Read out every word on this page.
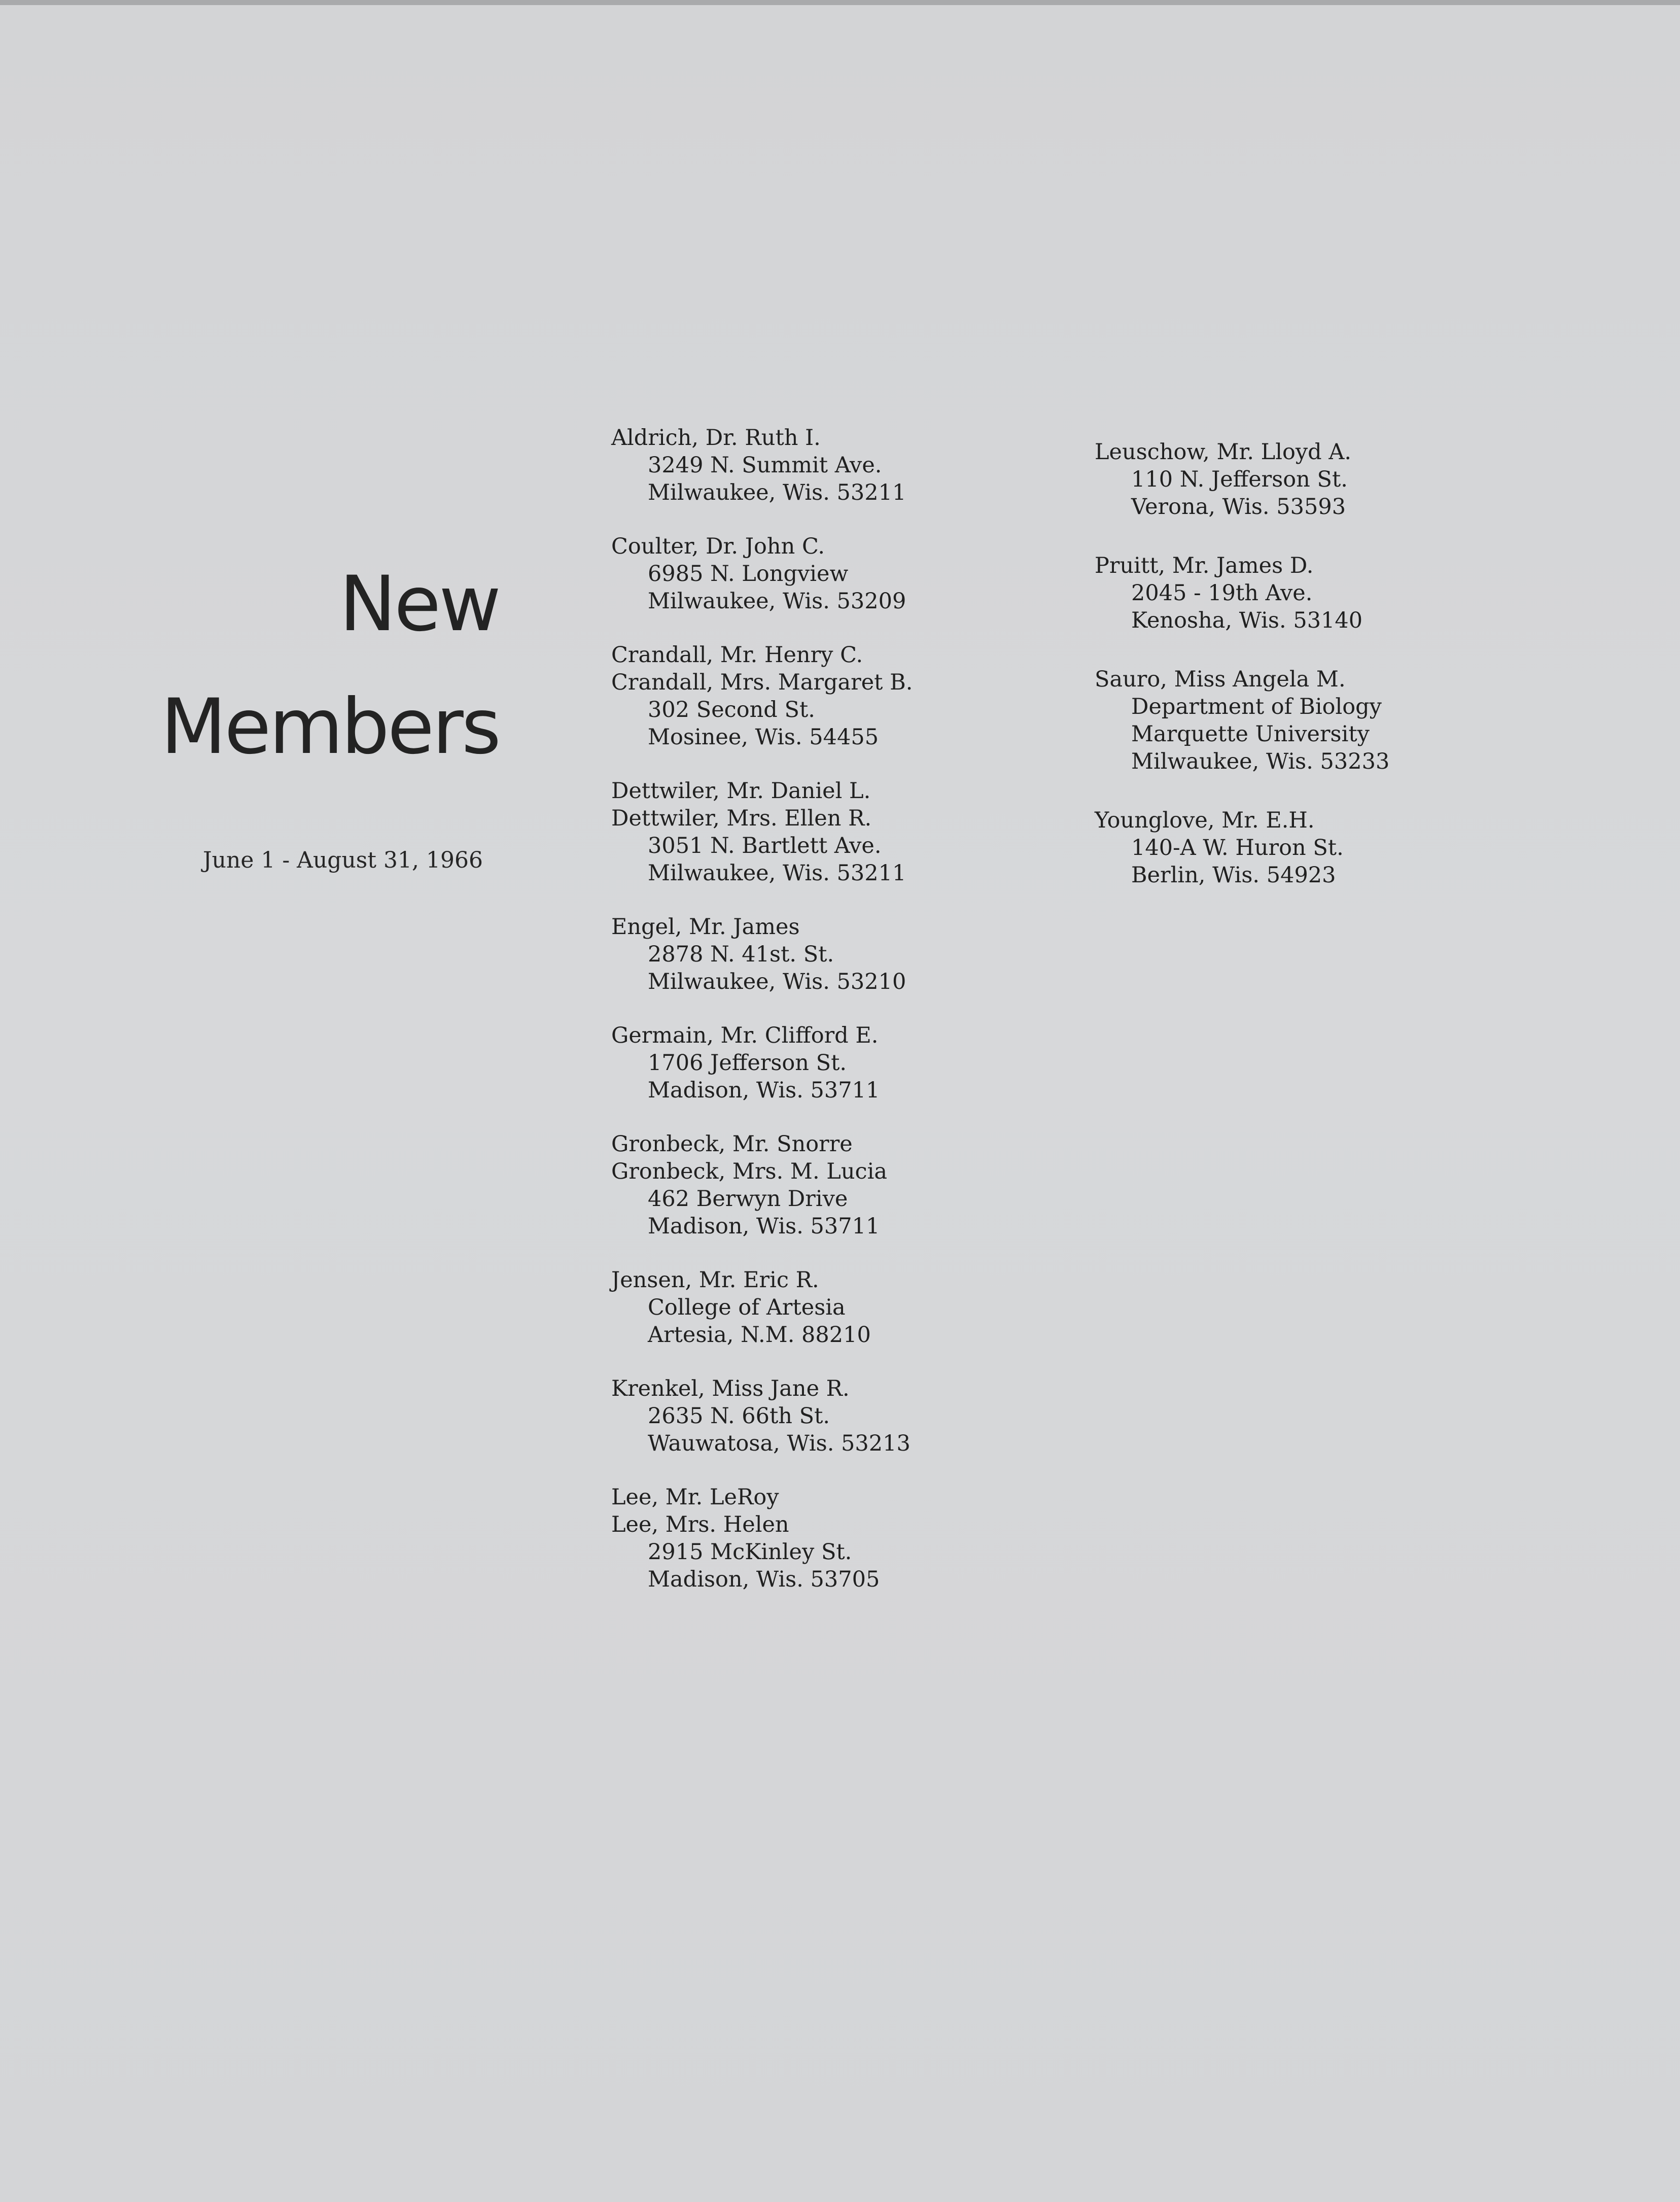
New
Members
June 1 - August 31, 1966
Aldrich, Dr. Ruth I.
3249 N. Summit Ave.
Milwaukee, Wis. 53211
Coulter, Dr. John C.
6985 N. Longview
Milwaukee, Wis. 53209
Crandall, Mr. Henry C.
Crandall, Mrs. Margaret B.
302 Second St.
Mosinee, Wis. 54455
Dettwiler, Mr. Daniel L.
Dettwiler, Mrs. Ellen R.
3051 N. Bartlett Ave.
Milwaukee, Wis. 53211
Engel, Mr. James
2878 N. 41st. St.
Milwaukee, Wis. 53210
Germain, Mr. Clifford E.
1706 Jefferson St.
Madison, Wis. 53711
Gronbeck, Mr. Snorre
Gronbeck, Mrs. M. Lucia
462 Berwyn Drive
Madison, Wis. 53711
Jensen, Mr. Eric R.
College of Artesia
Artesia, N.M. 88210
Krenkel, Miss Jane R.
2635 N. 66th St.
Wauwatosa, Wis. 53213
Lee, Mr. LeRoy
Lee, Mrs. Helen
2915 McKinley St.
Madison, Wis. 53705
Leuschow, Mr. Lloyd A.
110 N. Jefferson St.
Verona, Wis. 53593
Pruitt, Mr. James D.
2045 - 19th Ave.
Kenosha, Wis. 53140
Sauro, Miss Angela M.
Department of Biology
Marquette University
Milwaukee, Wis. 53233
Younglove, Mr. E.H.
140-A W. Huron St.
Berlin, Wis. 54923
